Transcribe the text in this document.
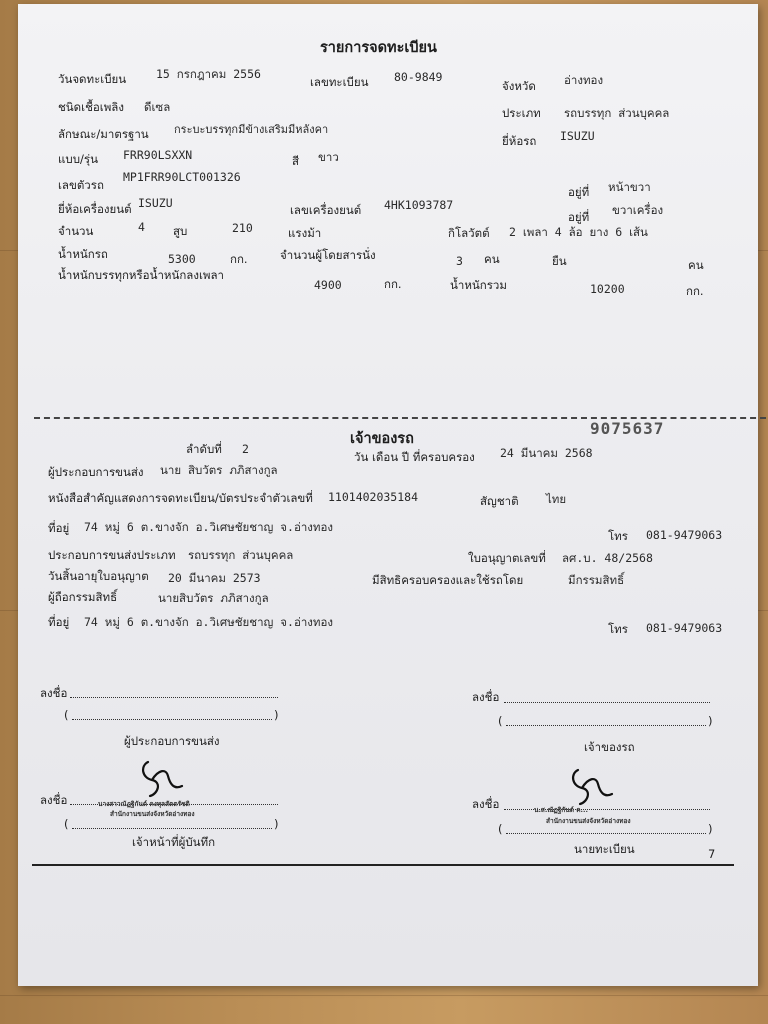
รายการจดทะเบียน
วันจดทะเบียน	15 กรกฎาคม 2556
เลขทะเบียน 80-9849
จังหวัด อ่างทอง
ชนิดเชื้อเพลิง ดีเซล	ประเภท รถบรรทุก ส่วนบุคคล
ลักษณะ/มาตรฐาน กระบะบรรทุกมีข้างเสริมมีหลังคา
ยี่ห้อรถ ISUZU
แบบ/รุ่น FRR90LSXXN	สี ขาว
เลขตัวรถ
MP1FRR90LCT001326
อยู่ที่ หน้าขวา
ยี่ห้อเครื่องยนต์ ISUZU	เลขเครื่องยนต์ 4HK1093787
อยู่ที่ ขวาเครื่อง
จำนวน	4 สูบ	210	แรงม้า	กิโลวัตต์ 2 เพลา 4 ล้อ ยาง 6 เส้น
น้ำหนักรถ	5300	กก.	จำนวนผู้โดยสารนั่ง	3 คน	ยืน	คน
น้ำหนักบรรทุกหรือน้ำหนักลงเพลา
4900	กก.	น้ำหนักรวม	10200	กก.
9075637
เจ้าของรถ
ลำดับที่ 2
วัน เดือน ปี ที่ครอบครอง 24 มีนาคม 2568
ผู้ประกอบการขนส่ง นาย สิบวัตร ภภิสางกูล
หนังสือสำคัญแสดงการจดทะเบียน/บัตรประจำตัวเลขที่ 1101402035184	สัญชาติ ไทย
ที่อยู่ 74 หมู่ 6 ต.ขางจัก อ.วิเศษชัยชาญ จ.อ่างทอง
โทร 081-9479063
ประกอบการขนส่งประเภท รถบรรทุก ส่วนบุคคล	ใบอนุญาตเลขที่ ลศ.บ. 48/2568
วันสิ้นอายุใบอนุญาต 20 มีนาคม 2573	มีสิทธิครอบครองและใช้รถโดย	มีกรรมสิทธิ์
ผู้ถือกรรมสิทธิ์	นายสิบวัตร ภภิสางกูล
ที่อยู่ 74 หมู่ 6 ต.ขางจัก อ.วิเศษชัยชาญ จ.อ่างทอง	โทร 081-9479063
ลงชื่อ
(	)
ผู้ประกอบการขนส่ง
ลงชื่อ
(	)
เจ้าของรถ
ลงชื่อ	นางสาวณัฏฐิกันต์ คงทุลสัตตรัชติ
สำนักงานขนส่งจังหวัดอ่างทอง
(	)
เจ้าหน้าที่ผู้บันทึก
ลงชื่อ	น.ส.ณัฏฐิกันต์ ค...
สำนักงานขนส่งจังหวัดอ่างทอง
(	)
นายทะเบียน	7
